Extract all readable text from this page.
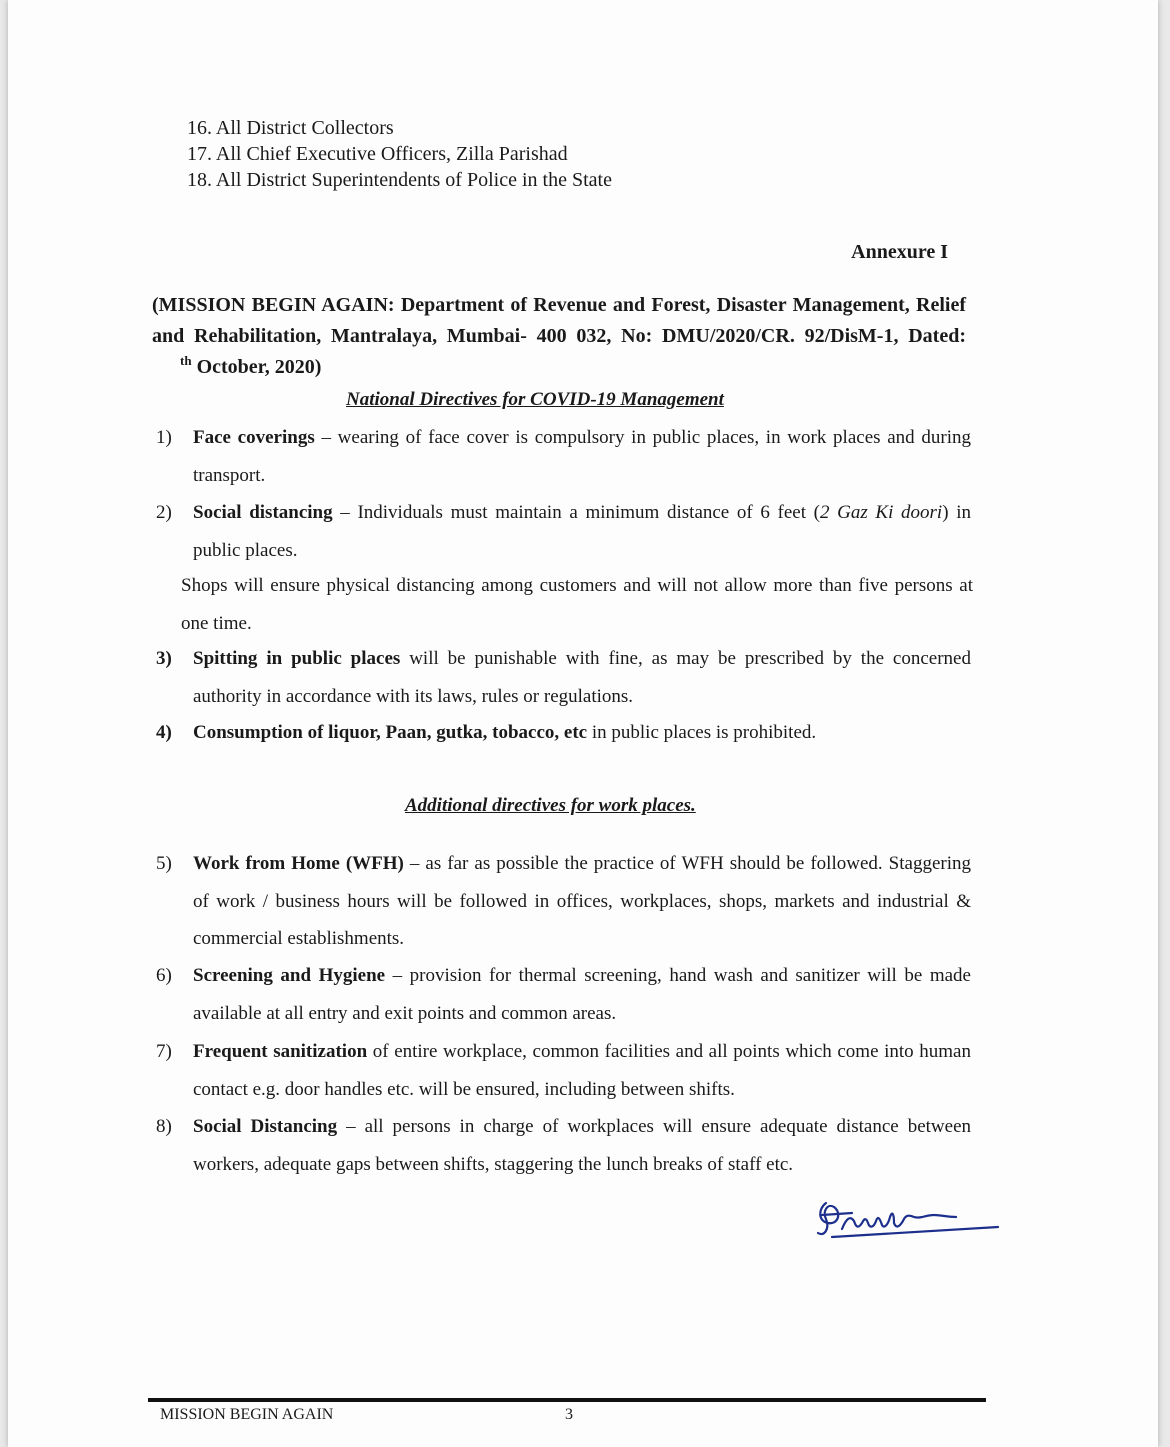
16. All District Collectors
17. All Chief Executive Officers, Zilla Parishad
18. All District Superintendents of Police in the State
Annexure I
(MISSION BEGIN AGAIN: Department of Revenue and Forest, Disaster Management, Relief and Rehabilitation, Mantralaya, Mumbai- 400 032, No: DMU/2020/CR. 92/DisM-1, Dated: $^{th}$ October, 2020)
National Directives for COVID-19 Management
1) Face coverings – wearing of face cover is compulsory in public places, in work places and during transport.
2) Social distancing – Individuals must maintain a minimum distance of 6 feet (2 Gaz Ki doori) in public places.
Shops will ensure physical distancing among customers and will not allow more than five persons at one time.
3) Spitting in public places will be punishable with fine, as may be prescribed by the concerned authority in accordance with its laws, rules or regulations.
4) Consumption of liquor, Paan, gutka, tobacco, etc in public places is prohibited.
Additional directives for work places.
5) Work from Home (WFH) – as far as possible the practice of WFH should be followed. Staggering of work / business hours will be followed in offices, workplaces, shops, markets and industrial & commercial establishments.
6) Screening and Hygiene – provision for thermal screening, hand wash and sanitizer will be made available at all entry and exit points and common areas.
7) Frequent sanitization of entire workplace, common facilities and all points which come into human contact e.g. door handles etc. will be ensured, including between shifts.
8) Social Distancing – all persons in charge of workplaces will ensure adequate distance between workers, adequate gaps between shifts, staggering the lunch breaks of staff etc.
MISSION BEGIN AGAIN	3
